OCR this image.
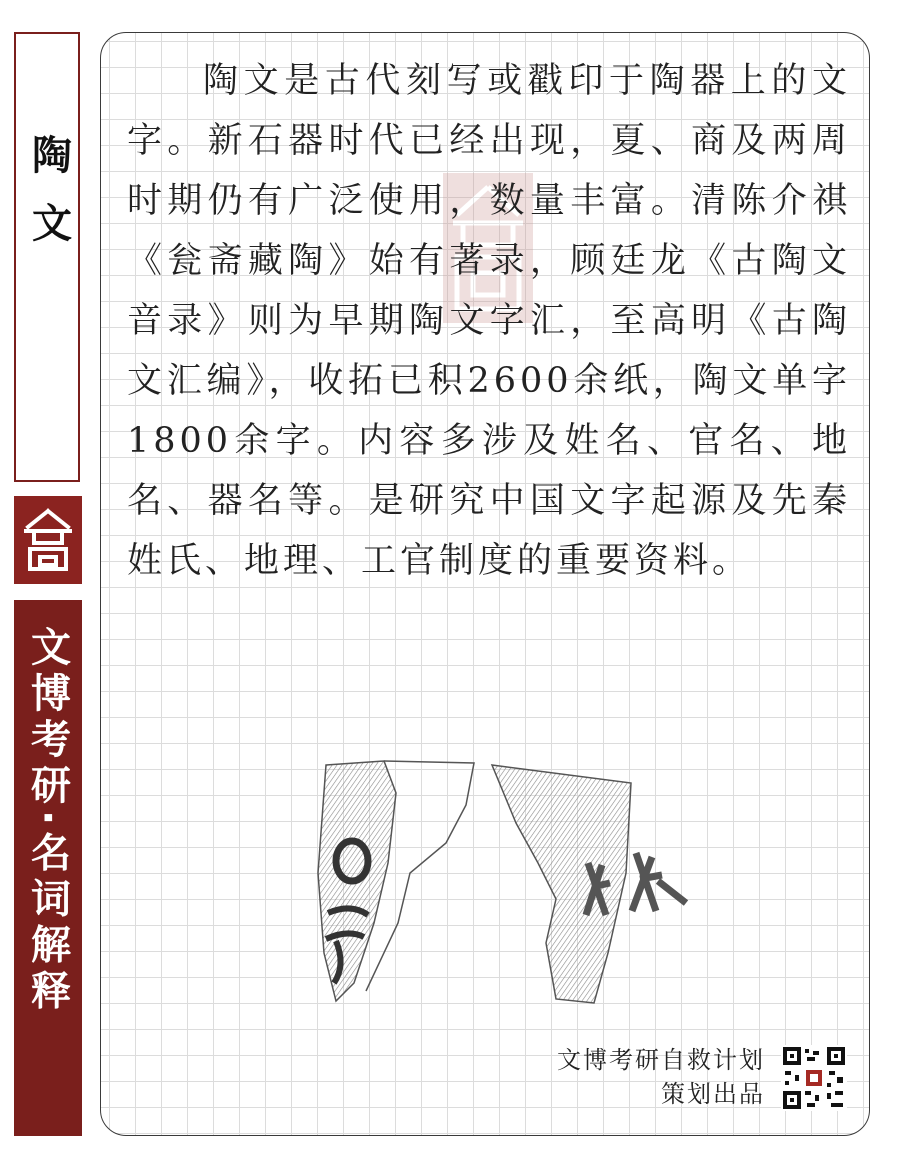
陶文
文博考研·名词解释

陶文是古代刻写或戳印于陶器上的文字。新石器时代已经出现，夏、商及两周时期仍有广泛使用，数量丰富。清陈介祺《瓮斋藏陶》始有著录，顾廷龙《古陶文音录》则为早期陶文字汇，至高明《古陶文汇编》，收拓已积2600余纸，陶文单字1800余字。内容多涉及姓名、官名、地名、器名等。是研究中国文字起源及先秦姓氏、地理、工官制度的重要资料。

文博考研自救计划
策划出品
